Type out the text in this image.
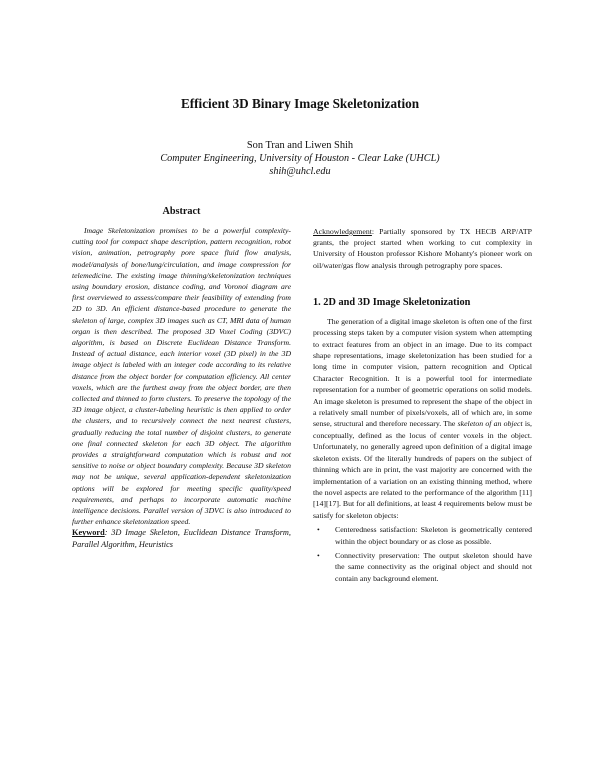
Efficient 3D Binary Image Skeletonization
Son Tran and Liwen Shih
Computer Engineering, University of Houston - Clear Lake (UHCL)
shih@uhcl.edu
Abstract

Image Skeletonization promises to be a powerful complexity-cutting tool for compact shape description, pattern recognition, robot vision, animation, petrography pore space fluid flow analysis, model/analysis of bone/lung/circulation, and image compression for telemedicine. The existing image thinning/skeletonization techniques using boundary erosion, distance coding, and Voronoi diagram are first overviewed to assess/compare their feasibility of extending from 2D to 3D. An efficient distance-based procedure to generate the skeleton of large, complex 3D images such as CT, MRI data of human organ is then described. The proposed 3D Voxel Coding (3DVC) algorithm, is based on Discrete Euclidean Distance Transform. Instead of actual distance, each interior voxel (3D pixel) in the 3D image object is labeled with an integer code according to its relative distance from the object border for computation efficiency. All center voxels, which are the furthest away from the object border, are then collected and thinned to form clusters. To preserve the topology of the 3D image object, a cluster-labeling heuristic is then applied to order the clusters, and to recursively connect the next nearest clusters, gradually reducing the total number of disjoint clusters, to generate one final connected skeleton for each 3D object. The algorithm provides a straightforward computation which is robust and not sensitive to noise or object boundary complexity. Because 3D skeleton may not be unique, several application-dependent skeletonization options will be explored for meeting specific quality/speed requirements, and perhaps to incorporate automatic machine intelligence decisions. Parallel version of 3DVC is also introduced to further enhance skeletonization speed.

Keyword: 3D Image Skeleton, Euclidean Distance Transform, Parallel Algorithm, Heuristics

Acknowledgement: Partially sponsored by TX HECB ARP/ATP grants, the project started when working to cut complexity in University of Houston professor Kishore Mohanty's pioneer work on oil/water/gas flow analysis through petrography pore spaces.

1. 2D and 3D Image Skeletonization

The generation of a digital image skeleton is often one of the first processing steps taken by a computer vision system when attempting to extract features from an object in an image. Due to its compact shape representations, image skeletonization has been studied for a long time in computer vision, pattern recognition and Optical Character Recognition. It is a powerful tool for intermediate representation for a number of geometric operations on solid models. An image skeleton is presumed to represent the shape of the object in a relatively small number of pixels/voxels, all of which are, in some sense, structural and therefore necessary. The skeleton of an object is, conceptually, defined as the locus of center voxels in the object. Unfortunately, no generally agreed upon definition of a digital image skeleton exists. Of the literally hundreds of papers on the subject of thinning which are in print, the vast majority are concerned with the implementation of a variation on an existing thinning method, where the novel aspects are related to the performance of the algorithm [11][14][17]. But for all definitions, at least 4 requirements below must be satisfy for skeleton objects:

• Centeredness satisfaction: Skeleton is geometrically centered within the object boundary or as close as possible.
• Connectivity preservation: The output skeleton should have the same connectivity as the original object and should not contain any background element.
